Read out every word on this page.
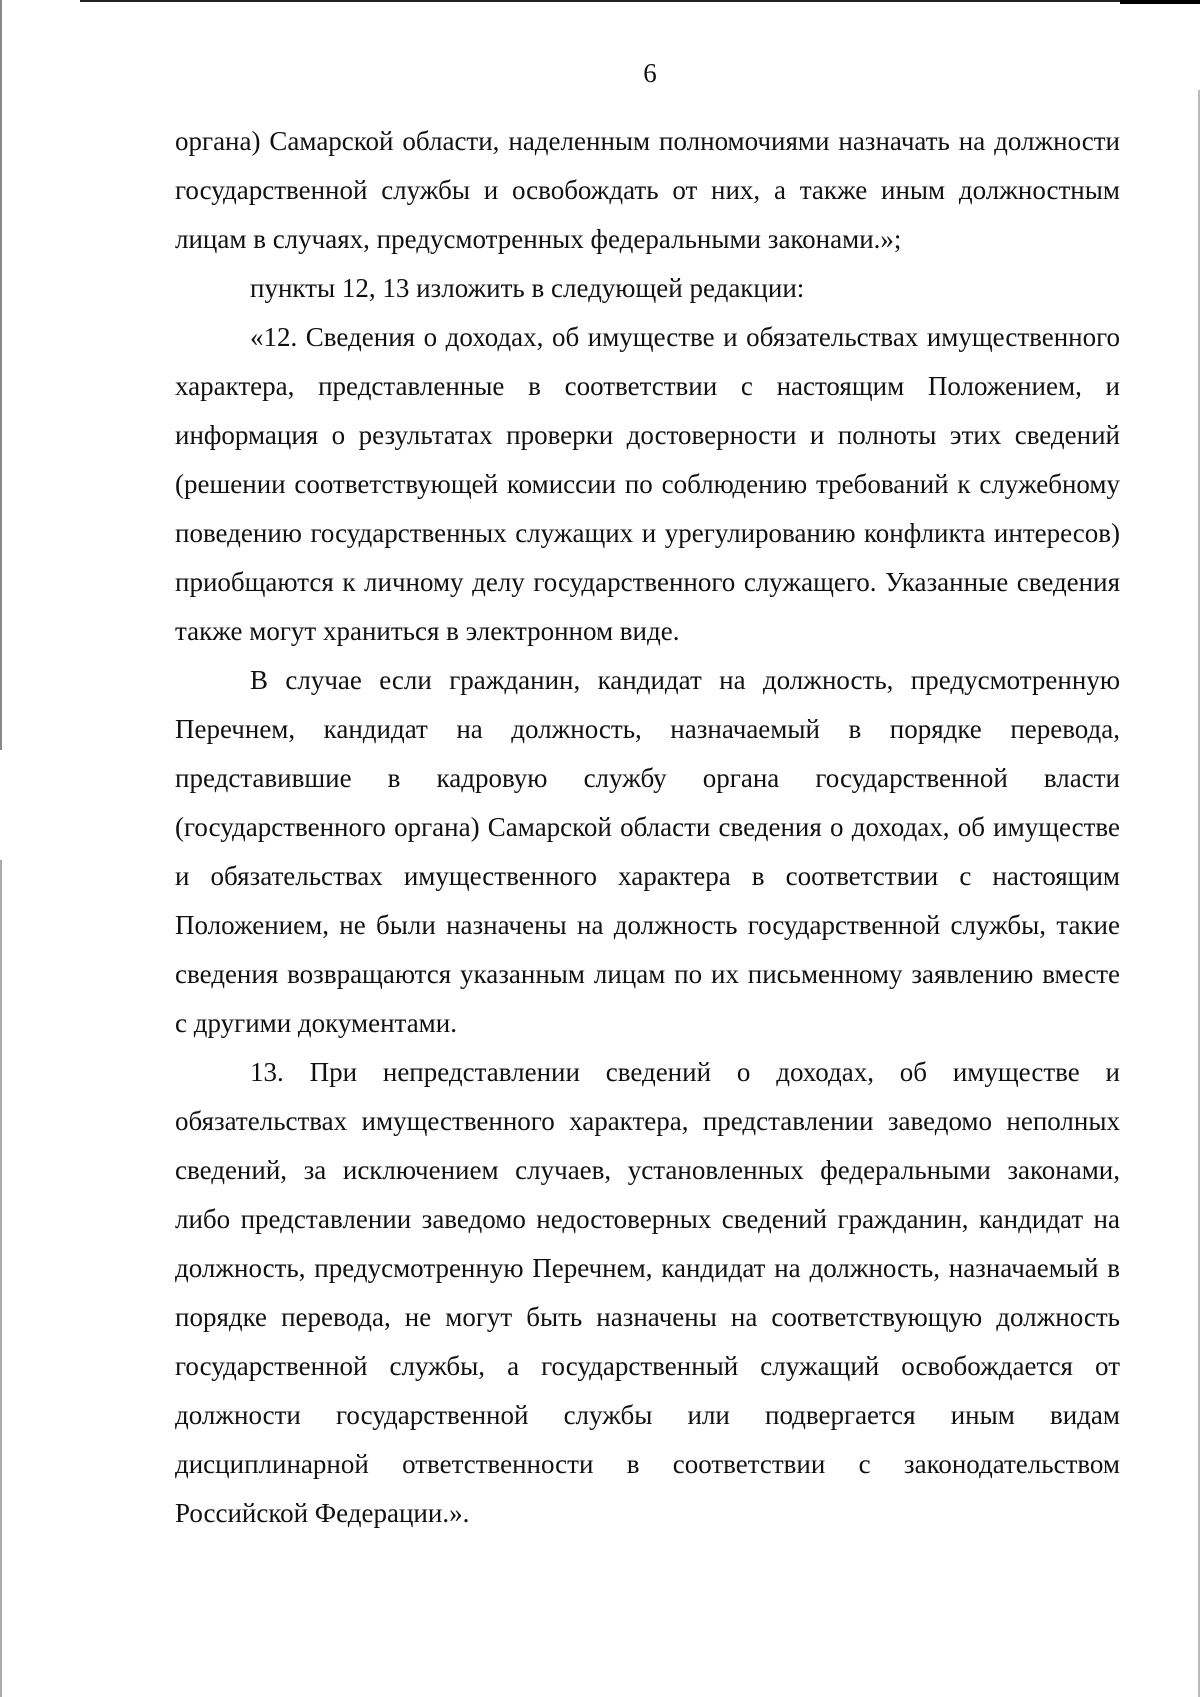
6

органа) Самарской области, наделенным полномочиями назначать на должности государственной службы и освобождать от них, а также иным должностным лицам в случаях, предусмотренных федеральными законами.»;

пункты 12, 13 изложить в следующей редакции:

«12. Сведения о доходах, об имуществе и обязательствах имущественного характера, представленные в соответствии с настоящим Положением, и информация о результатах проверки достоверности и полноты этих сведений (решении соответствующей комиссии по соблюдению требований к служебному поведению государственных служащих и урегулированию конфликта интересов) приобщаются к личному делу государственного служащего. Указанные сведения также могут храниться в электронном виде.

В случае если гражданин, кандидат на должность, предусмотренную Перечнем, кандидат на должность, назначаемый в порядке перевода, представившие в кадровую службу органа государственной власти (государственного органа) Самарской области сведения о доходах, об имуществе и обязательствах имущественного характера в соответствии с настоящим Положением, не были назначены на должность государственной службы, такие сведения возвращаются указанным лицам по их письменному заявлению вместе с другими документами.

13. При непредставлении сведений о доходах, об имуществе и обязательствах имущественного характера, представлении заведомо неполных сведений, за исключением случаев, установленных федеральными законами, либо представлении заведомо недостоверных сведений гражданин, кандидат на должность, предусмотренную Перечнем, кандидат на должность, назначаемый в порядке перевода, не могут быть назначены на соответствующую должность государственной службы, а государственный служащий освобождается от должности государственной службы или подвергается иным видам дисциплинарной ответственности в соответствии с законодательством Российской Федерации.».
